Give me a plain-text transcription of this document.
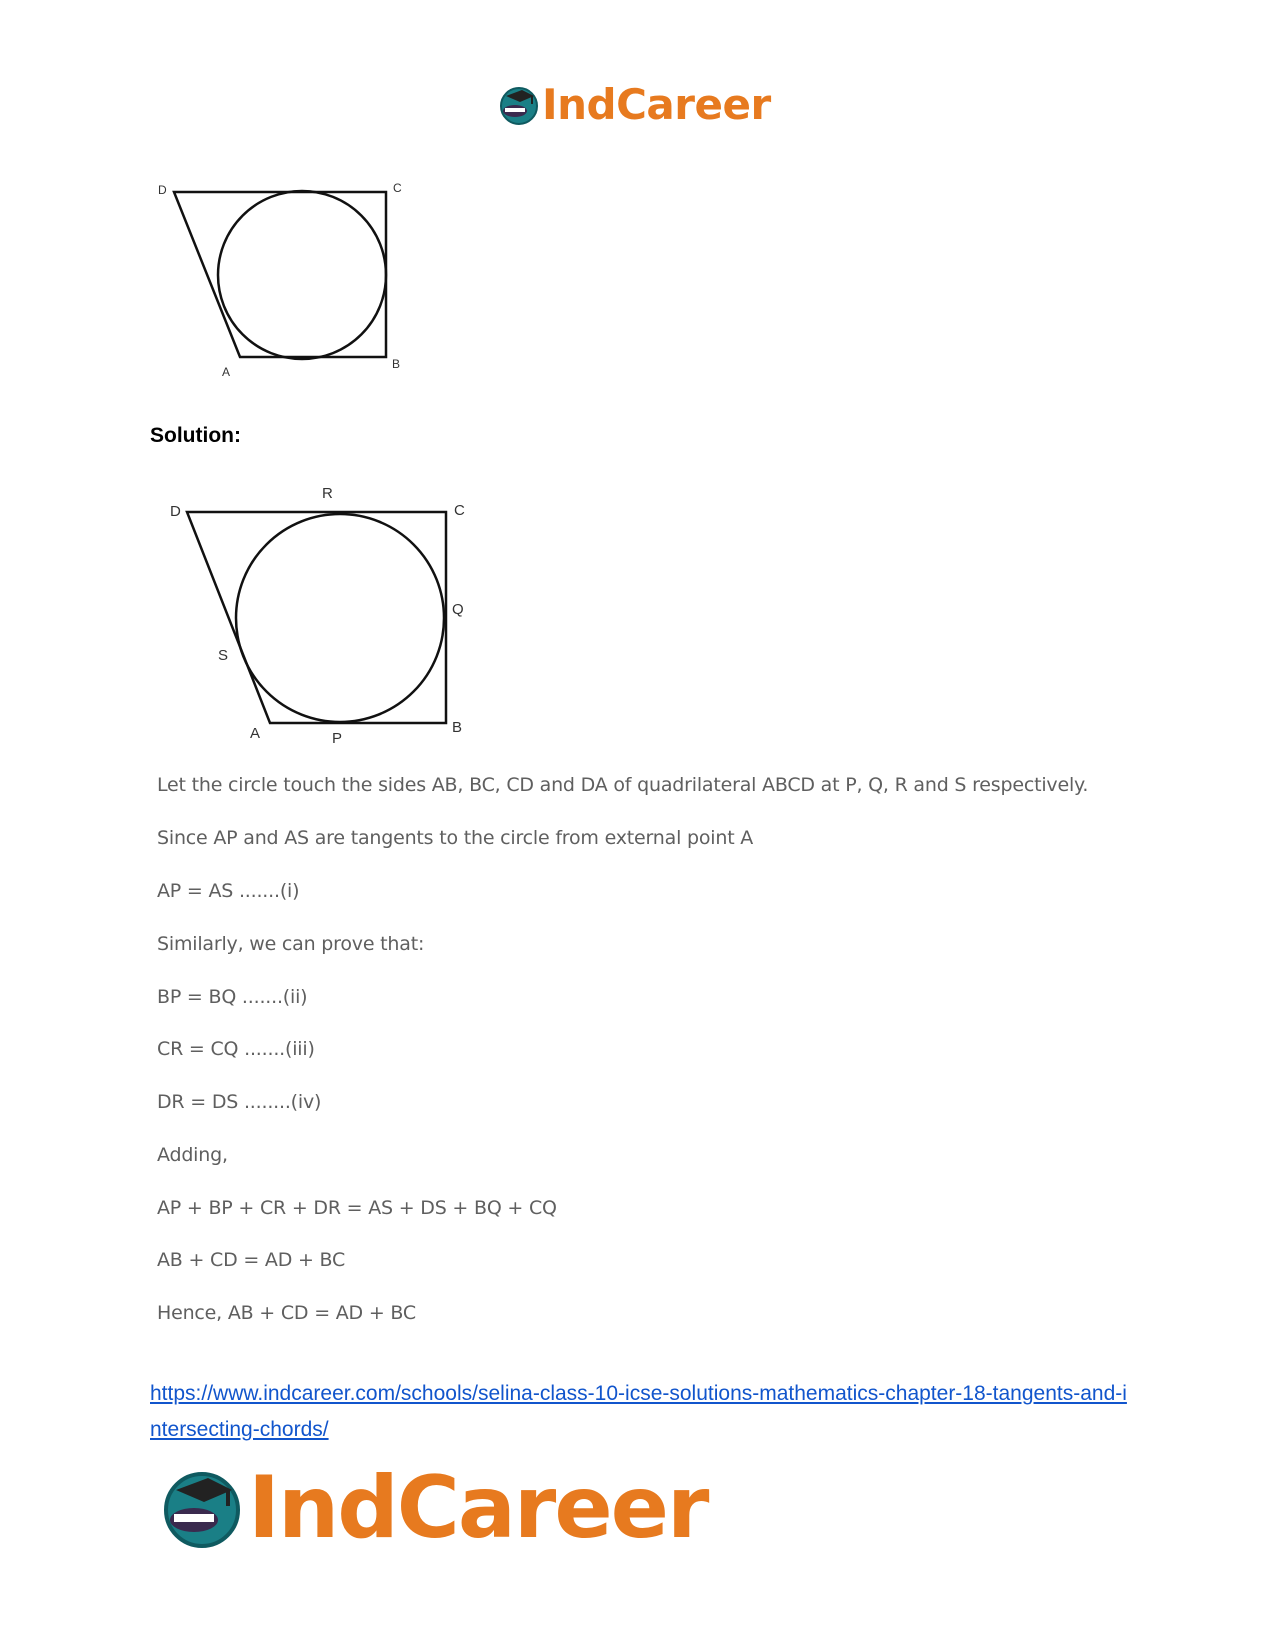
IndCareer
D	C
A
B
Solution:
D
R
C
Q
S
A	P
B
Let the circle touch the sides AB, BC, CD and DA of quadrilateral ABCD at P, Q, R and S respectively.
Since AP and AS are tangents to the circle from external point A
AP = AS .......(i)
Similarly, we can prove that:
BP = BQ .......(ii)
CR = CQ .......(iii)
DR = DS ........(iv)
Adding,
AP + BP + CR + DR = AS + DS + BQ + CQ
AB + CD = AD + BC
Hence, AB + CD = AD + BC
https://www.indcareer.com/schools/selina-class-10-icse-solutions-mathematics-chapter-18-tangents-and-intersecting-chords/
IndCareer
